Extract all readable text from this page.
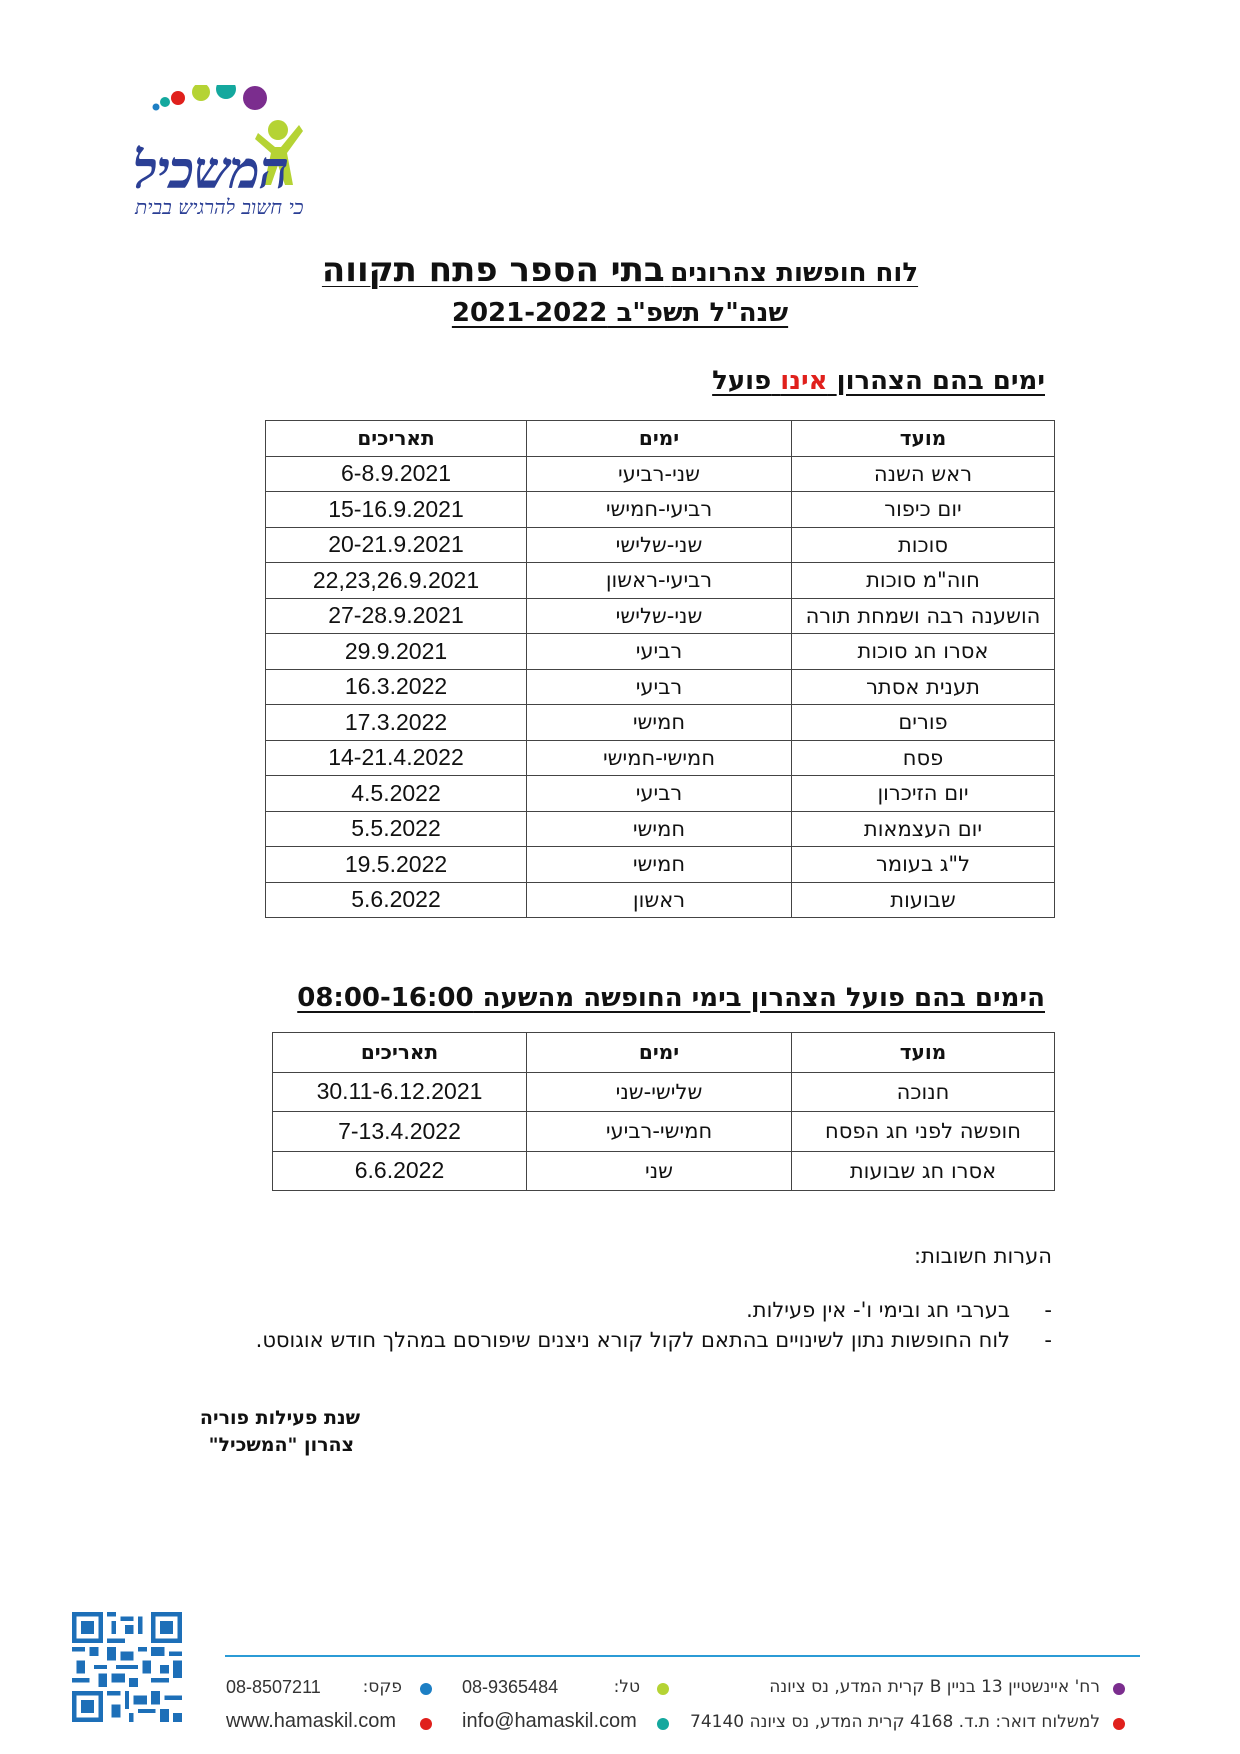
המשכיל
כי חשוב להרגיש בבית
לוח חופשות צהרונים בתי הספר פתח תקווה
שנה"ל תשפ"ב 2021-2022
ימים בהם הצהרון אינו פועל
מועד	ימים	תאריכים
ראש השנה	שני-רביעי	6-8.9.2021
יום כיפור	רביעי-חמישי	15-16.9.2021
סוכות	שני-שלישי	20-21.9.2021
חוה"מ סוכות	רביעי-ראשון	22,23,26.9.2021
הושענה רבה ושמחת תורה	שני-שלישי	27-28.9.2021
אסרו חג סוכות	רביעי	29.9.2021
תענית אסתר	רביעי	16.3.2022
פורים	חמישי	17.3.2022
פסח	חמישי-חמישי	14-21.4.2022
יום הזיכרון	רביעי	4.5.2022
יום העצמאות	חמישי	5.5.2022
ל"ג בעומר	חמישי	19.5.2022
שבועות	ראשון	5.6.2022
הימים בהם פועל הצהרון בימי החופשה מהשעה 08:00-16:00
מועד	ימים	תאריכים
חנוכה	שלישי-שני	30.11-6.12.2021
חופשה לפני חג הפסח	חמישי-רביעי	7-13.4.2022
אסרו חג שבועות	שני	6.6.2022
הערות חשובות:
-
בערבי חג ובימי ו'- אין פעילות.
-
לוח החופשות נתון לשינויים בהתאם לקול קורא ניצנים שיפורסם במהלך חודש אוגוסט.
שנת פעילות פוריה
צהרון "המשכיל"
רח' איינשטיין 13 בניין B קרית המדע, נס ציונה
טל:
08-9365484
פקס:
08-8507211
למשלוח דואר: ת.ד. 4168 קרית המדע, נס ציונה 74140
info@hamaskil.com
www.hamaskil.com
